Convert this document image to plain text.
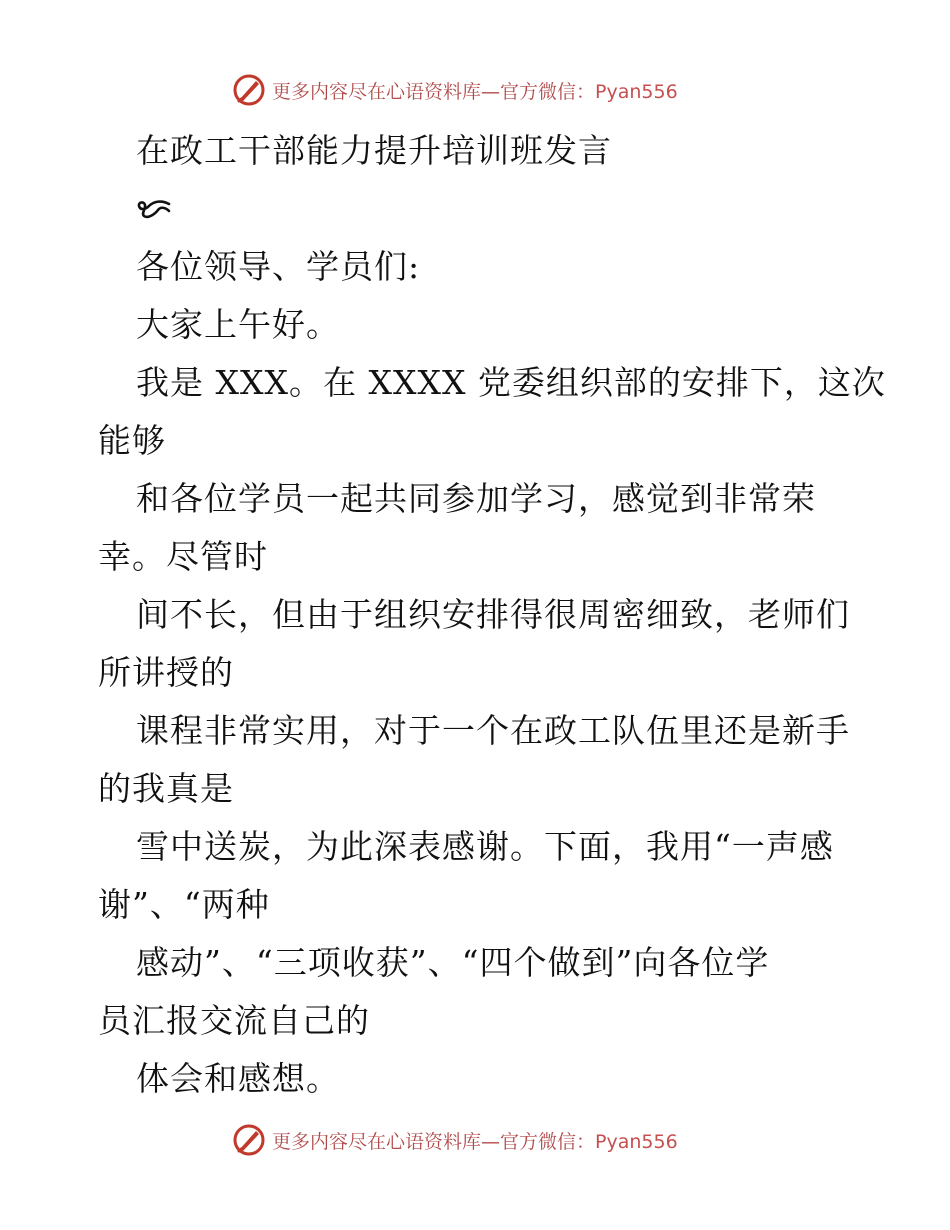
更多内容尽在心语资料库—官方微信：Pyan556
在政工干部能力提升培训班发言
各位领导、学员们:
大家上午好。
我是 XXX。在 XXXX 党委组织部的安排下，这次
能够
和各位学员一起共同参加学习，感觉到非常荣
幸。尽管时
间不长，但由于组织安排得很周密细致，老师们
所讲授的
课程非常实用，对于一个在政工队伍里还是新手
的我真是
雪中送炭，为此深表感谢。下面，我用“一声感
谢”、“两种
感动”、“三项收获”、“四个做到”向各位学
员汇报交流自己的
体会和感想。
更多内容尽在心语资料库—官方微信：Pyan556
